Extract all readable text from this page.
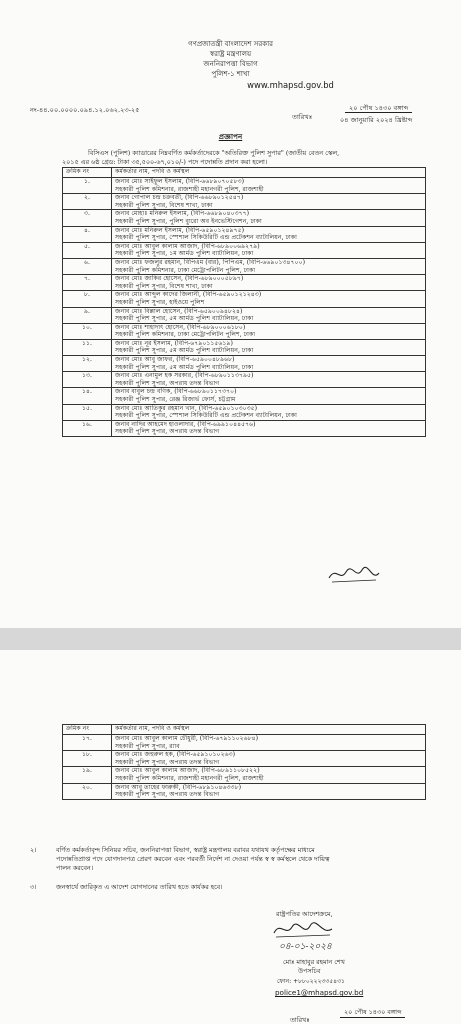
গণপ্রজাতন্ত্রী বাংলাদেশ সরকার
স্বরাষ্ট্র মন্ত্রণালয়
জননিরাপত্তা বিভাগ
পুলিশ-১ শাখা
www.mhapsd.gov.bd
নং-৪৪.০০.০০০০.০৯৪.১২.০৬২.২৩-২৫
তারিখঃ
২০ পৌষ ১৪৩০ বঙ্গাব্দ
০৪ জানুয়ারি ২০২৪ খ্রিষ্টাব্দ
প্রজ্ঞাপন
বিসিএস (পুলিশ) ক্যাডারের নিম্নবর্ণিত কর্মকর্তাদেরকে "অতিরিক্ত পুলিশ সুপার" (জাতীয় বেতন স্কেল,
২০১৫ এর ৬ষ্ঠ গ্রেড: টাকা ৩৫,৫০০-৬৭,০১০/-) পদে পদোন্নতি প্রদান করা হলো।
ক্রমিক নং	কর্মকর্তার নাম, পদবি ও কর্মস্থল
১.	জনাব মোঃ সাইফুল ইসলাম, (বিপি-৬৬৮৯০৭০৫৮৩)
সহকারী পুলিশ কমিশনার, রাজশাহী মহানগরী পুলিশ, রাজশাহী

২.	জনাব গোপাল চন্দ্র চক্রবর্তী, (বিপি-৬৬৮৯০১২৫৪৭)
সহকারী পুলিশ সুপার, বিশেষ শাখা, ঢাকা

৩.	জনাব মোহাঃ মনিরুল ইসলাম, (বিপি-৬৬৮৯০৪০৩৭৭)
সহকারী পুলিশ সুপার, পুলিশ ব্যুরো অব ইনভেস্টিগেশন, ঢাকা

৪.	জনাব মোঃ মনিরুল ইসলাম, (বিপি-৬৫৯০১২৪৯৭৫)
সহকারী পুলিশ সুপার, স্পেশাল সিকিউরিটি এন্ড প্রটেকশন ব্যাটালিয়ন, ঢাকা

৫.	জনাব মোঃ আবুল কালাম আজাদ, (বিপি-৬৮৯০০৬৯২৭৯)
সহকারী পুলিশ সুপার, ১ম আর্মড পুলিশ ব্যাটালিয়ন, ঢাকা

৬.	জনাব মোঃ ফজলুর রহমান, বিপিএম (বার), পিপিএম, (বিপি-৬৬৯০১৩৪৭০০)
সহকারী পুলিশ কমিশনার, ঢাকা মেট্রোপলিটন পুলিশ, ঢাকা

৭.	জনাব মোঃ জাকির হোসেন, (বিপি-৬৮৯০০০৫৮৯৭)
সহকারী পুলিশ সুপার, বিশেষ শাখা, ঢাকা

৮.	জনাব মোঃ আব্দুল কাদের জিলানী, (বিপি-৬৫৯০১২১২৪৩)
সহকারী পুলিশ সুপার, হাইওয়ে পুলিশ

৯.	জনাব মোঃ বিল্লাল হোসেন, (বিপি-৬৫৯০০৯৪৮২৪)
সহকারী পুলিশ সুপার, ৫ম আর্মড পুলিশ ব্যাটালিয়ন, ঢাকা

১০.	জনাব মোঃ শাহাদাৎ হোসেন, (বিপি-৬৮৯০০০৬১৮০)
সহকারী পুলিশ কমিশনার, ঢাকা মেট্রোপলিটন পুলিশ, ঢাকা

১১.	জনাব মোঃ নূর ইসলাম, (বিপি-৬৭৯০১১৫৬১৯)
সহকারী পুলিশ সুপার, ৫ম আর্মড পুলিশ ব্যাটালিয়ন, ঢাকা

১২.	জনাব মোঃ আবু জাফর, (বিপি-৬৫৯০০৪৮৯৬৮)
সহকারী পুলিশ সুপার, ৫ম আর্মড পুলিশ ব্যাটালিয়ন, ঢাকা

১৩.	জনাব মোঃ এনামুল হক সরকার, (বিপি-৬৮৯০১১৩৭৯৫)
সহকারী পুলিশ সুপার, অপরাধ তদন্ত বিভাগ

১৪.	জনাব বাবুল চন্দ্র বণিক, (বিপি-৬৬৮৯০১১৭৩৭০)
সহকারী পুলিশ সুপার, রেঞ্জ রিজার্ভ ফোর্স, চট্টগ্রাম

১৫.	জনাব মোঃ আতিকুর রহমান খান, (বিপি-৬৫৯০১০৩০৩৫)
সহকারী পুলিশ সুপার, স্পেশাল সিকিউরিটি এন্ড প্রটেকশন ব্যাটালিয়ন, ঢাকা

১৬.	জনাব নাদির আহমেদ হাওলাদার, (বিপি-৬৯৯১০৪৪৫৭৬)
সহকারী পুলিশ সুপার, অপরাধ তদন্ত বিভাগ
ক্রমিক নং	কর্মকর্তার নাম, পদবি ও কর্মস্থল
১৭.	জনাব মোঃ আবুল কালাম চৌধুরী, (বিপি-৬৭৯১১০২৬৮৪)
সহকারী পুলিশ সুপার, র‍্যাব

১৮.	জনাব মোঃ জহুরুল হক, (বিপি-৬৫৯১০১০২৬৩)
সহকারী পুলিশ সুপার, অপরাধ তদন্ত বিভাগ

১৯.	জনাব মোঃ আবুল কালাম আজাদ, (বিপি-৬৮৯১১০৮৫২২)
সহকারী পুলিশ কমিশনার, রাজশাহী মহানগরী পুলিশ, রাজশাহী

২০.	জনাব আবু তাহের ফারুকী, (বিপি-৬৮৯১০৪৬৩৩৮)
সহকারী পুলিশ সুপার, অপরাধ তদন্ত বিভাগ
২।	বর্ণিত কর্মকর্তাবৃন্দ সিনিয়র সচিব, জননিরাপত্তা বিভাগ, স্বরাষ্ট্র মন্ত্রণালয় বরাবর যথাযথ কর্তৃপক্ষের মাধ্যমে
পদোন্নতিপ্রাপ্ত পদে যোগদানপত্র প্রেরণ করবেন এবং পরবর্তী নির্দেশ না দেওয়া পর্যন্ত স্ব স্ব কর্মস্থলে থেকে দায়িত্ব
পালন করবেন।
৩।	জনস্বার্থে জারিকৃত এ আদেশ যোগদানের তারিখ হতে কার্যকর হবে।
রাষ্ট্রপতির আদেশক্রমে,
০৪-০১-২০২৪
মোঃ মাহাবুর রহমান শেখ
উপসচিব
ফোন: +৮৮০২২২৩৩৫৪৩১
police1@mhapsd.gov.bd
তারিখঃ
২০ পৌষ ১৪৩০ বঙ্গাব্দ
